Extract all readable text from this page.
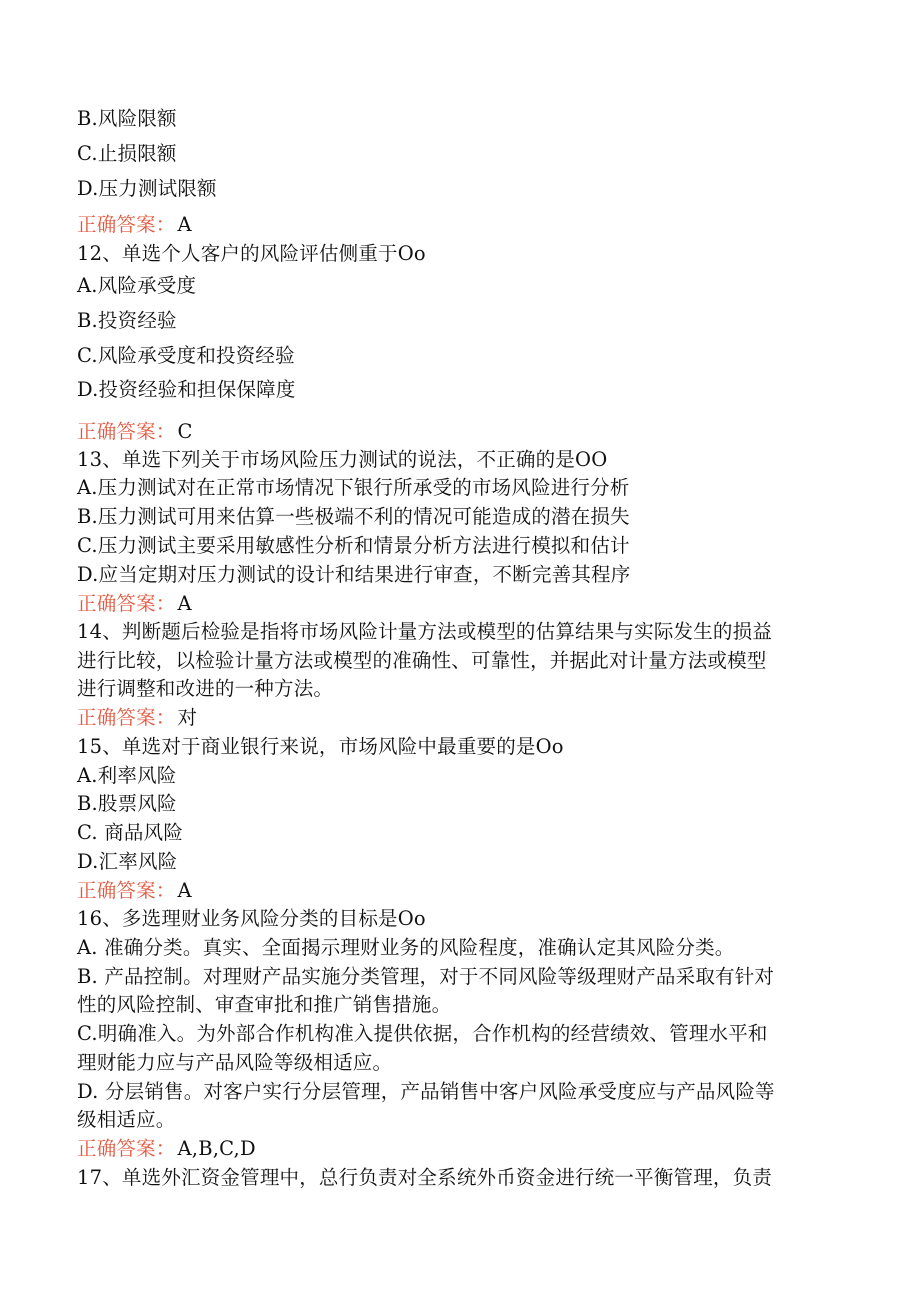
B.风险限额
C.止损限额
D.压力测试限额
正确答案： A
12、单选个人客户的风险评估侧重于Oo
A.风险承受度
B.投资经验
C.风险承受度和投资经验
D.投资经验和担保保障度
正确答案： C
13、单选下列关于市场风险压力测试的说法，不正确的是OO
A.压力测试对在正常市场情况下银行所承受的市场风险进行分析
B.压力测试可用来估算一些极端不利的情况可能造成的潜在损失
C.压力测试主要采用敏感性分析和情景分析方法进行模拟和估计
D.应当定期对压力测试的设计和结果进行审查，不断完善其程序
正确答案： A
14、判断题后检验是指将市场风险计量方法或模型的估算结果与实际发生的损益
进行比较，以检验计量方法或模型的准确性、可靠性，并据此对计量方法或模型
进行调整和改进的一种方法。
正确答案： 对
15、单选对于商业银行来说，市场风险中最重要的是Oo
A.利率风险
B.股票风险
C. 商品风险
D.汇率风险
正确答案： A
16、多选理财业务风险分类的目标是Oo
A. 准确分类。真实、全面揭示理财业务的风险程度，准确认定其风险分类。
B. 产品控制。对理财产品实施分类管理，对于不同风险等级理财产品采取有针对
性的风险控制、审查审批和推广销售措施。
C.明确准入。为外部合作机构准入提供依据，合作机构的经营绩效、管理水平和
理财能力应与产品风险等级相适应。
D. 分层销售。对客户实行分层管理，产品销售中客户风险承受度应与产品风险等
级相适应。
正确答案： A,B,C,D
17、单选外汇资金管理中，总行负责对全系统外币资金进行统一平衡管理，负责
